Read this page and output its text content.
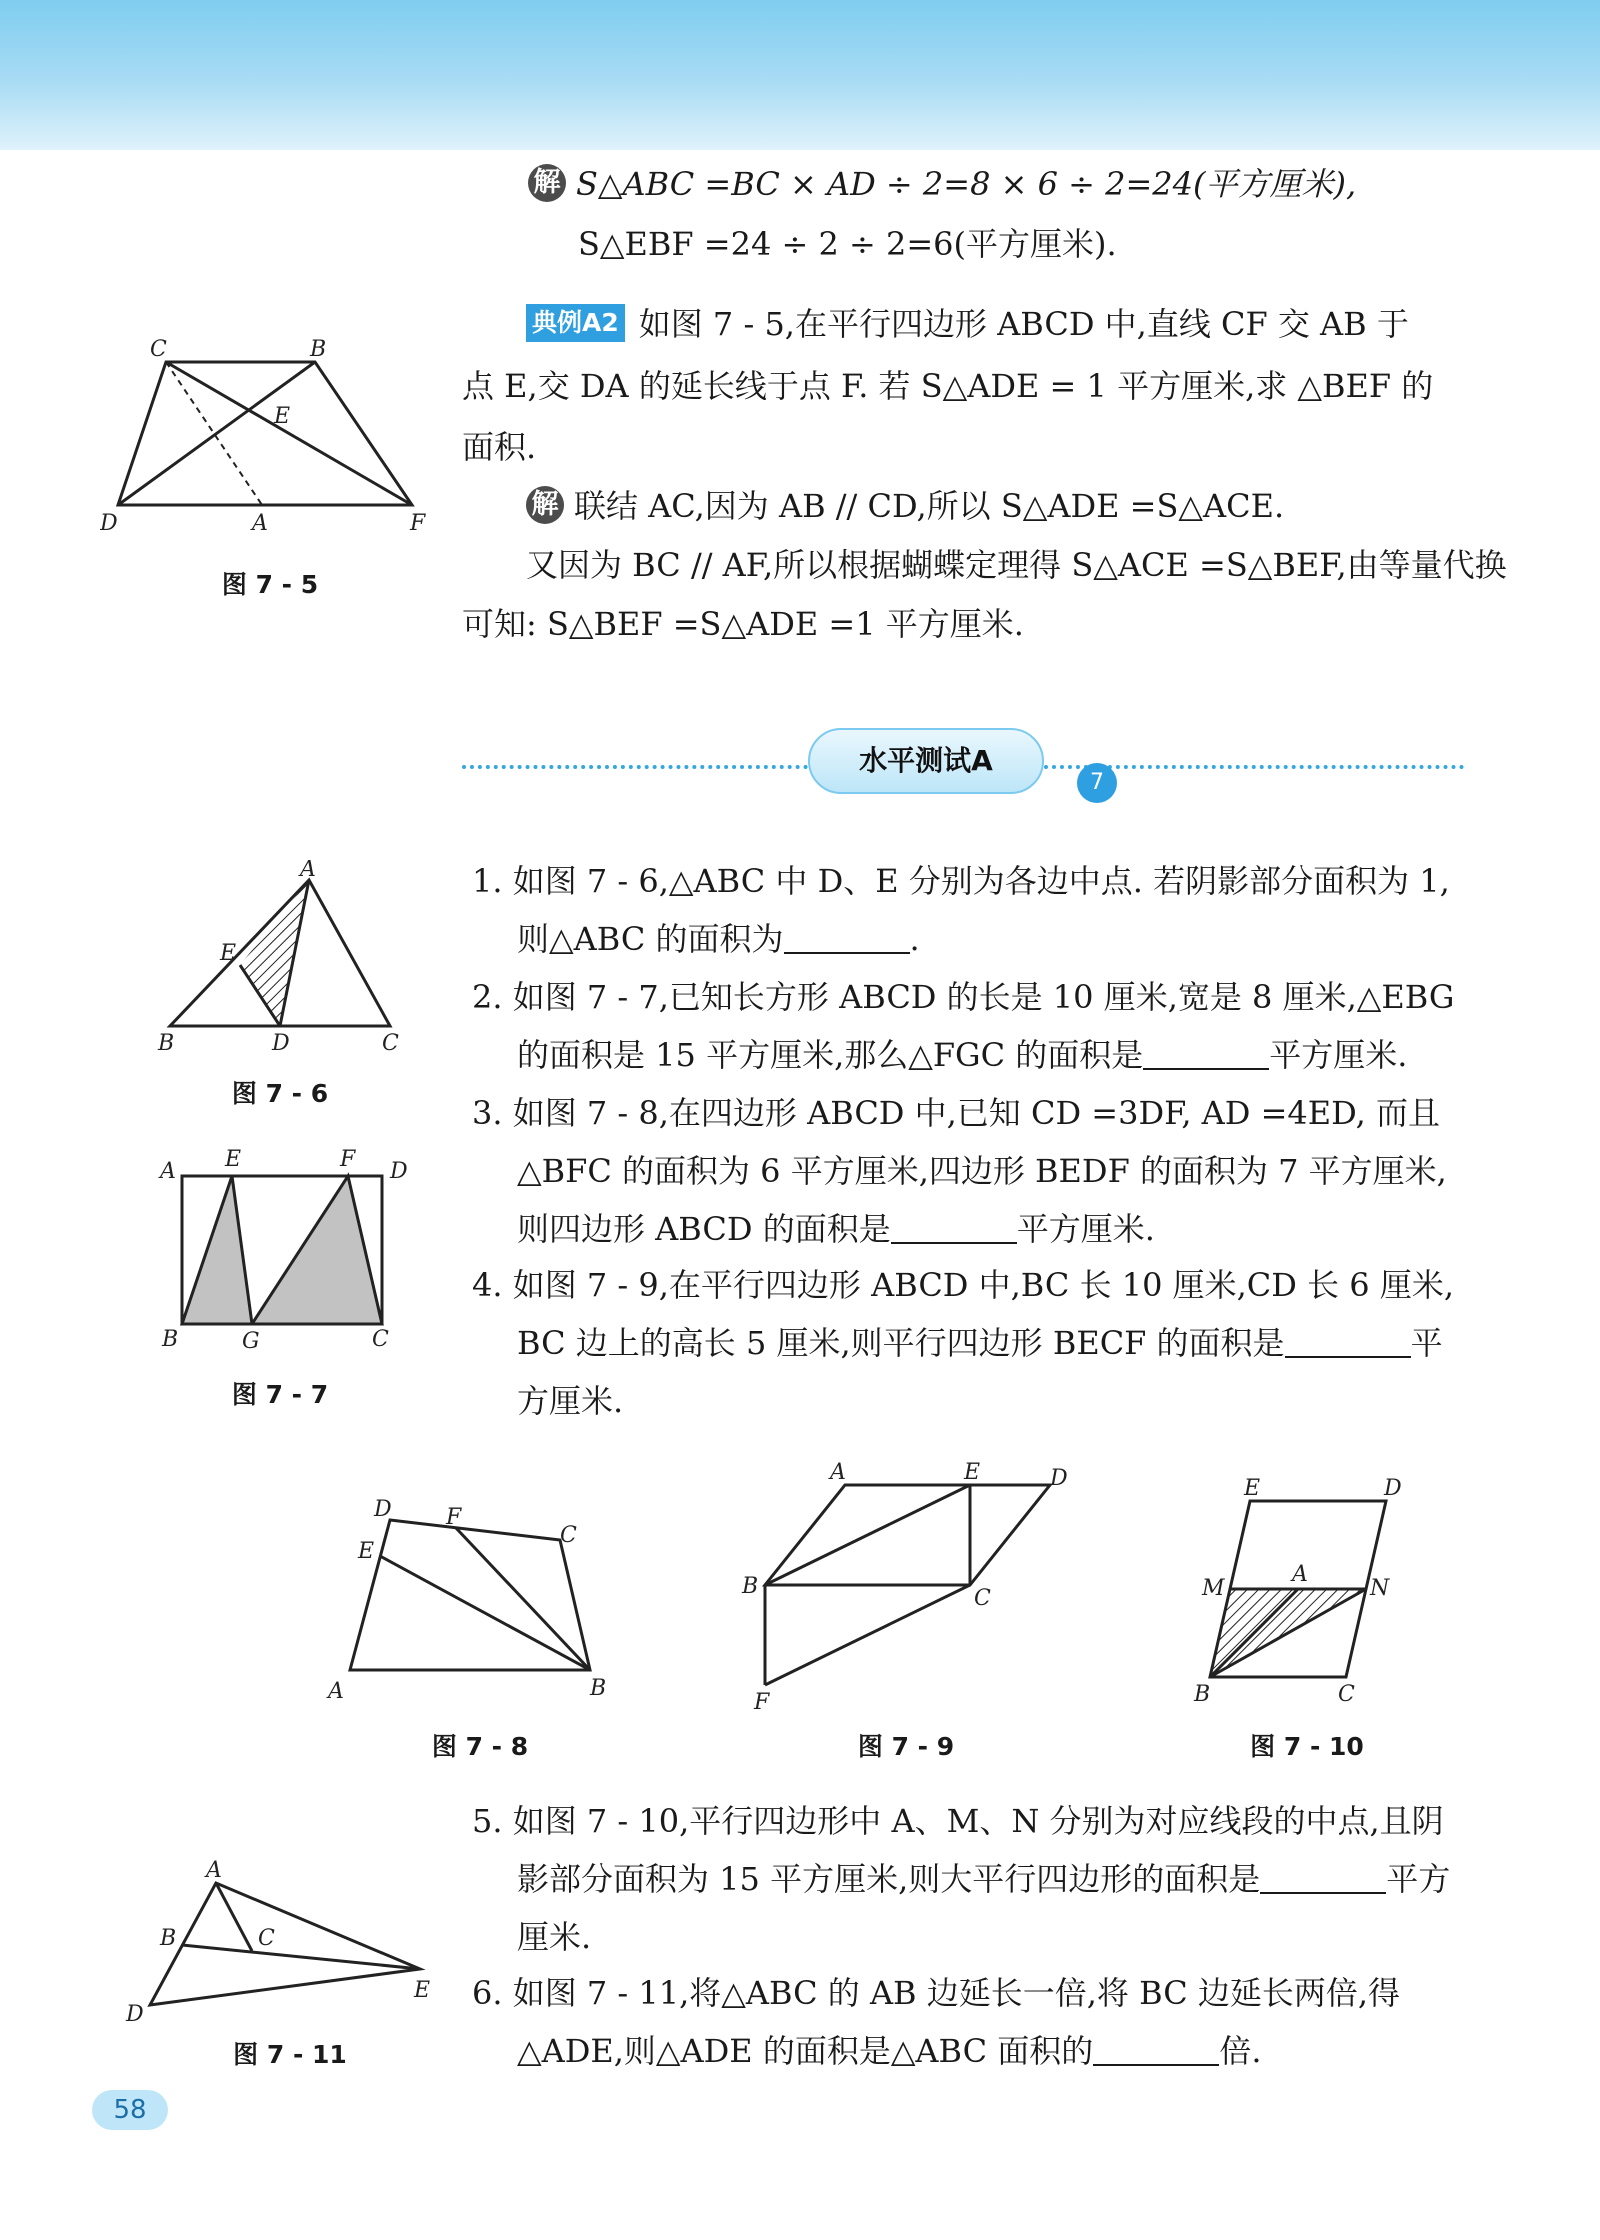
解 S△ABC =BC × AD ÷ 2=8 × 6 ÷ 2=24(平方厘米),
S△EBF =24 ÷ 2 ÷ 2=6(平方厘米).
典例A2 如图 7 - 5,在平行四边形 ABCD 中,直线 CF 交 AB 于
点 E,交 DA 的延长线于点 F. 若 S△ADE = 1 平方厘米,求 △BEF 的
面积.
解 联结 AC,因为 AB // CD,所以 S△ADE =S△ACE.
又因为 BC // AF,所以根据蝴蝶定理得 S△ACE =S△BEF,由等量代换
可知: S△BEF =S△ADE =1 平方厘米.
C	B
E
D	A	F
图 7 - 5
水平测试A
7
1. 如图 7 - 6,△ABC 中 D、E 分别为各边中点. 若阴影部分面积为 1,
则△ABC 的面积为	.
2. 如图 7 - 7,已知长方形 ABCD 的长是 10 厘米,宽是 8 厘米,△EBG
的面积是 15 平方厘米,那么△FGC 的面积是	平方厘米.
3. 如图 7 - 8,在四边形 ABCD 中,已知 CD =3DF, AD =4ED, 而且
△BFC 的面积为 6 平方厘米,四边形 BEDF 的面积为 7 平方厘米,
则四边形 ABCD 的面积是	平方厘米.
4. 如图 7 - 9,在平行四边形 ABCD 中,BC 长 10 厘米,CD 长 6 厘米,
BC 边上的高长 5 厘米,则平行四边形 BECF 的面积是	平
方厘米.
A
E
B	D	C
图 7 - 6
A E	F D
B	G	C
图 7 - 7
D F
E
C
A	B
图 7 - 8
A	E	D
B	C
F
图 7 - 9
E	D
M
A
N
B	C
图 7 - 10
5. 如图 7 - 10,平行四边形中 A、M、N 分别为对应线段的中点,且阴
影部分面积为 15 平方厘米,则大平行四边形的面积是	平方
厘米.
6. 如图 7 - 11,将△ABC 的 AB 边延长一倍,将 BC 边延长两倍,得
△ADE,则△ADE 的面积是△ABC 面积的	倍.
A
B	C
E
D
图 7 - 11
58
